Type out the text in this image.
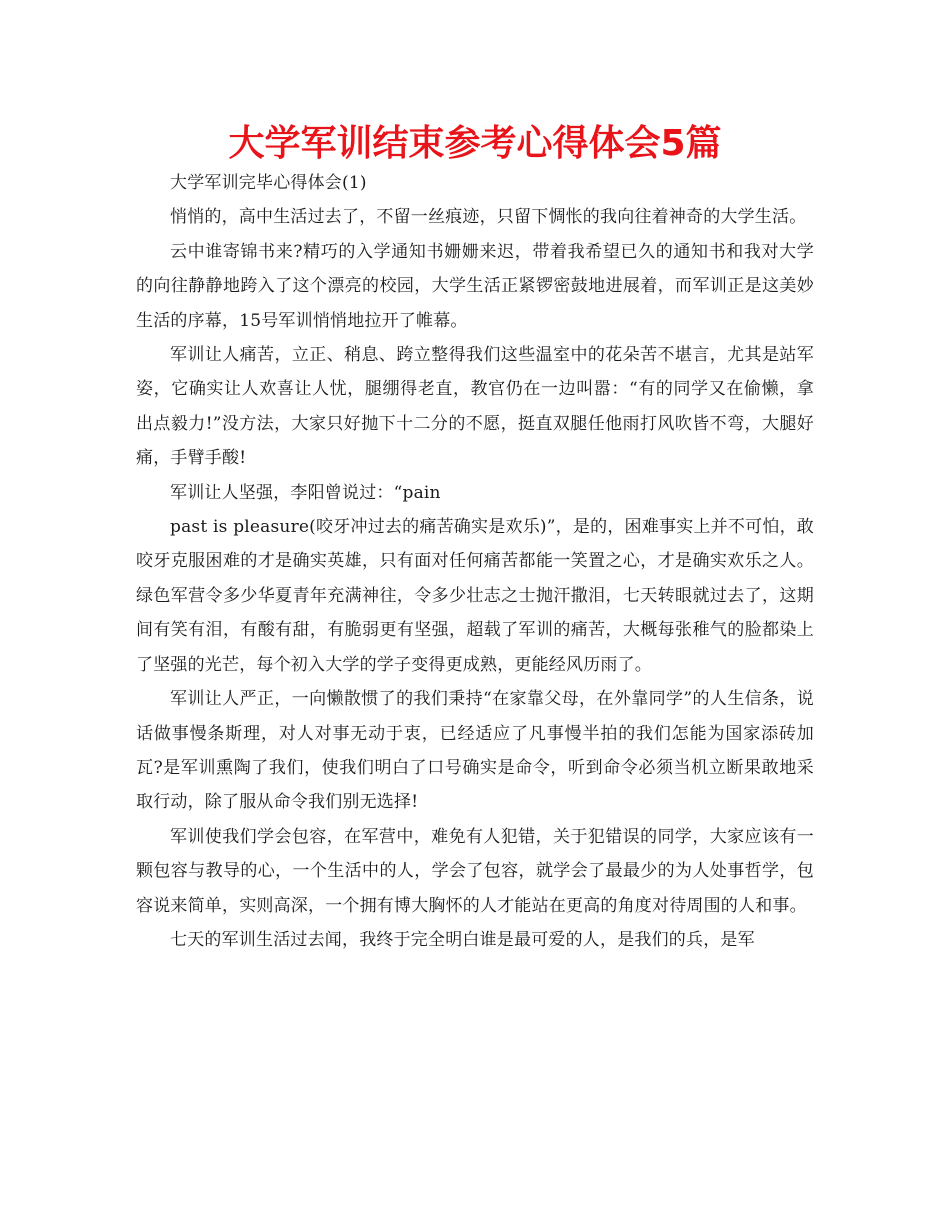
大学军训结束参考心得体会5篇

大学军训完毕心得体会(1)

悄悄的，高中生活过去了，不留一丝痕迹，只留下惆怅的我向往着神奇的大学生活。

云中谁寄锦书来?精巧的入学通知书姗姗来迟，带着我希望已久的通知书和我对大学的向往静静地跨入了这个漂亮的校园，大学生活正紧锣密鼓地进展着，而军训正是这美妙生活的序幕，15号军训悄悄地拉开了帷幕。

军训让人痛苦，立正、稍息、跨立整得我们这些温室中的花朵苦不堪言，尤其是站军姿，它确实让人欢喜让人忧，腿绷得老直，教官仍在一边叫嚣：“有的同学又在偷懒，拿出点毅力!”没方法，大家只好抛下十二分的不愿，挺直双腿任他雨打风吹皆不弯，大腿好痛，手臂手酸!

军训让人坚强，李阳曾说过：“pain

past is pleasure(咬牙冲过去的痛苦确实是欢乐)”，是的，困难事实上并不可怕，敢咬牙克服困难的才是确实英雄，只有面对任何痛苦都能一笑置之心，才是确实欢乐之人。绿色军营令多少华夏青年充满神往，令多少壮志之士抛汗撒泪，七天转眼就过去了，这期间有笑有泪，有酸有甜，有脆弱更有坚强，超载了军训的痛苦，大概每张稚气的脸都染上了坚强的光芒，每个初入大学的学子变得更成熟，更能经风历雨了。

军训让人严正，一向懒散惯了的我们秉持“在家靠父母，在外靠同学”的人生信条，说话做事慢条斯理，对人对事无动于衷，已经适应了凡事慢半拍的我们怎能为国家添砖加瓦?是军训熏陶了我们，使我们明白了口号确实是命令，听到命令必须当机立断果敢地采取行动，除了服从命令我们别无选择!

军训使我们学会包容，在军营中，难免有人犯错，关于犯错误的同学，大家应该有一颗包容与教导的心，一个生活中的人，学会了包容，就学会了最最少的为人处事哲学，包容说来简单，实则高深，一个拥有博大胸怀的人才能站在更高的角度对待周围的人和事。

七天的军训生活过去闻，我终于完全明白谁是最可爱的人，是我们的兵，是军
